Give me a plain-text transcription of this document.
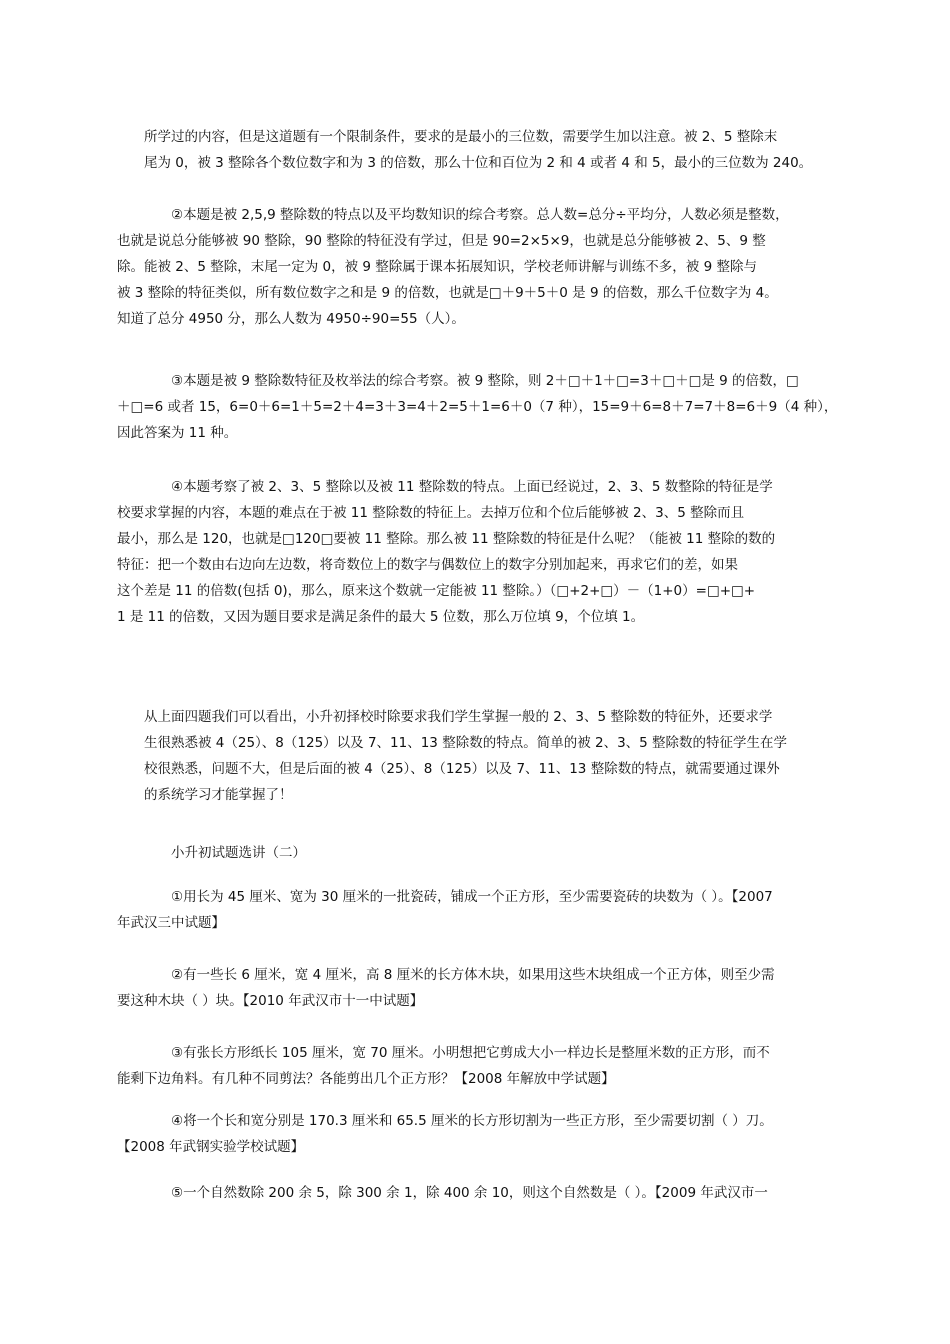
所学过的内容，但是这道题有一个限制条件，要求的是最小的三位数，需要学生加以注意。被 2、5 整除末
尾为 0，被 3 整除各个数位数字和为 3 的倍数，那么十位和百位为 2 和 4 或者 4 和 5，最小的三位数为 240。
②本题是被 2,5,9 整除数的特点以及平均数知识的综合考察。总人数=总分÷平均分，人数必须是整数，
也就是说总分能够被 90 整除，90 整除的特征没有学过，但是 90=2×5×9，也就是总分能够被 2、5、9 整
除。能被 2、5 整除，末尾一定为 0，被 9 整除属于课本拓展知识，学校老师讲解与训练不多，被 9 整除与
被 3 整除的特征类似，所有数位数字之和是 9 的倍数，也就是□＋9＋5＋0 是 9 的倍数，那么千位数字为 4。
知道了总分 4950 分，那么人数为 4950÷90=55（人）。
③本题是被 9 整除数特征及枚举法的综合考察。被 9 整除，则 2＋□＋1＋□=3＋□＋□是 9 的倍数，□
＋□=6 或者 15，6=0＋6=1＋5=2＋4=3＋3=4＋2=5＋1=6＋0（7 种），15=9＋6=8＋7=7＋8=6＋9（4 种），
因此答案为 11 种。
④本题考察了被 2、3、5 整除以及被 11 整除数的特点。上面已经说过，2、3、5 数整除的特征是学
校要求掌握的内容，本题的难点在于被 11 整除数的特征上。去掉万位和个位后能够被 2、3、5 整除而且
最小，那么是 120，也就是□120□要被 11 整除。那么被 11 整除数的特征是什么呢？（能被 11 整除的数的
特征：把一个数由右边向左边数，将奇数位上的数字与偶数位上的数字分别加起来，再求它们的差，如果
这个差是 11 的倍数(包括 0)，那么，原来这个数就一定能被 11 整除。）（□+2+□）－（1+0）=□+□+
1 是 11 的倍数，又因为题目要求是满足条件的最大 5 位数，那么万位填 9，个位填 1。
从上面四题我们可以看出，小升初择校时除要求我们学生掌握一般的 2、3、5 整除数的特征外，还要求学
生很熟悉被 4（25）、8（125）以及 7、11、13 整除数的特点。简单的被 2、3、5 整除数的特征学生在学
校很熟悉，问题不大，但是后面的被 4（25）、8（125）以及 7、11、13 整除数的特点，就需要通过课外
的系统学习才能掌握了！
小升初试题选讲（二）
①用长为 45 厘米、宽为 30 厘米的一批瓷砖，铺成一个正方形，至少需要瓷砖的块数为（ ）。【2007
年武汉三中试题】
②有一些长 6 厘米，宽 4 厘米，高 8 厘米的长方体木块，如果用这些木块组成一个正方体，则至少需
要这种木块（ ）块。【2010 年武汉市十一中试题】
③有张长方形纸长 105 厘米，宽 70 厘米。小明想把它剪成大小一样边长是整厘米数的正方形，而不
能剩下边角料。有几种不同剪法？各能剪出几个正方形？【2008 年解放中学试题】
④将一个长和宽分别是 170.3 厘米和 65.5 厘米的长方形切割为一些正方形，至少需要切割（ ）刀。
【2008 年武钢实验学校试题】
⑤一个自然数除 200 余 5，除 300 余 1，除 400 余 10，则这个自然数是（ ）。【2009 年武汉市一
